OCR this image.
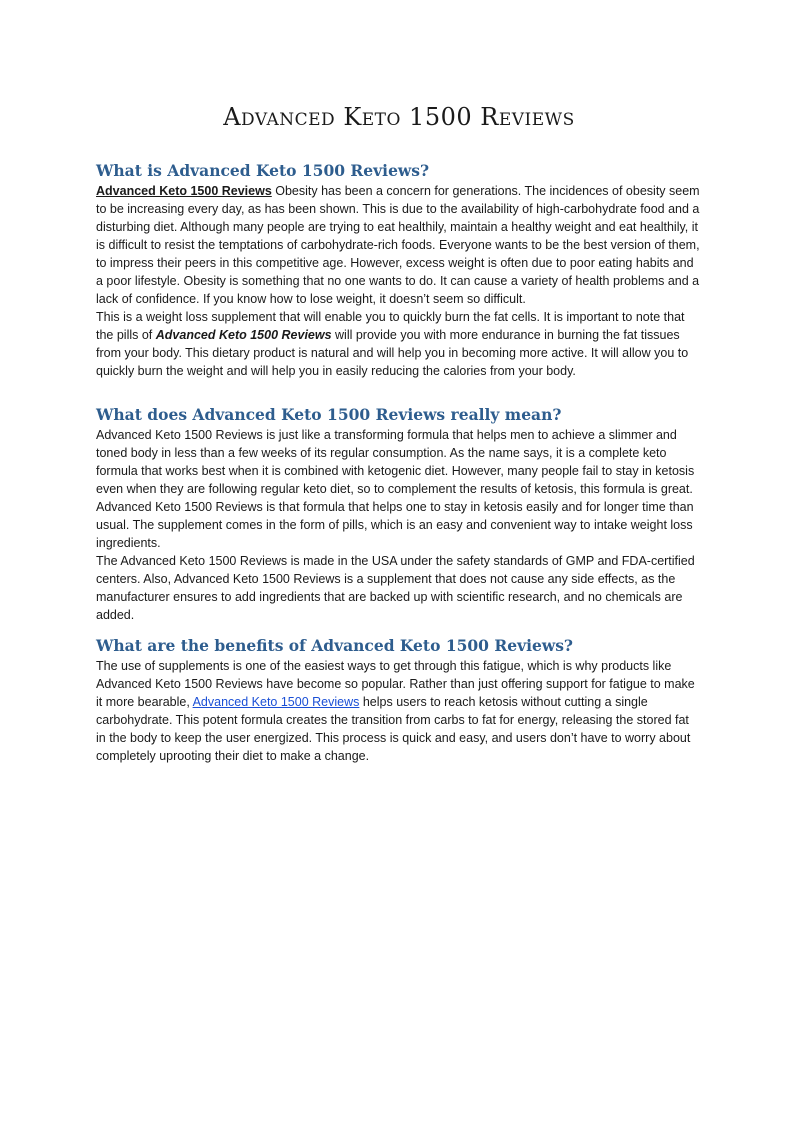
Advanced Keto 1500 Reviews
What is Advanced Keto 1500 Reviews?

Advanced Keto 1500 Reviews Obesity has been a concern for generations. The incidences of obesity seem to be increasing every day, as has been shown. This is due to the availability of high-carbohydrate food and a disturbing diet. Although many people are trying to eat healthily, maintain a healthy weight and eat healthily, it is difficult to resist the temptations of carbohydrate-rich foods. Everyone wants to be the best version of them, to impress their peers in this competitive age. However, excess weight is often due to poor eating habits and a poor lifestyle. Obesity is something that no one wants to do. It can cause a variety of health problems and a lack of confidence. If you know how to lose weight, it doesn’t seem so difficult.

This is a weight loss supplement that will enable you to quickly burn the fat cells. It is important to note that the pills of Advanced Keto 1500 Reviews will provide you with more endurance in burning the fat tissues from your body. This dietary product is natural and will help you in becoming more active. It will allow you to quickly burn the weight and will help you in easily reducing the calories from your body.

What does Advanced Keto 1500 Reviews really mean?

Advanced Keto 1500 Reviews is just like a transforming formula that helps men to achieve a slimmer and toned body in less than a few weeks of its regular consumption. As the name says, it is a complete keto formula that works best when it is combined with ketogenic diet. However, many people fail to stay in ketosis even when they are following regular keto diet, so to complement the results of ketosis, this formula is great.

Advanced Keto 1500 Reviews is that formula that helps one to stay in ketosis easily and for longer time than usual. The supplement comes in the form of pills, which is an easy and convenient way to intake weight loss ingredients.

The Advanced Keto 1500 Reviews is made in the USA under the safety standards of GMP and FDA-certified centers. Also, Advanced Keto 1500 Reviews is a supplement that does not cause any side effects, as the manufacturer ensures to add ingredients that are backed up with scientific research, and no chemicals are added.

What are the benefits of Advanced Keto 1500 Reviews?

The use of supplements is one of the easiest ways to get through this fatigue, which is why products like Advanced Keto 1500 Reviews have become so popular. Rather than just offering support for fatigue to make it more bearable, Advanced Keto 1500 Reviews helps users to reach ketosis without cutting a single carbohydrate. This potent formula creates the transition from carbs to fat for energy, releasing the stored fat in the body to keep the user energized. This process is quick and easy, and users don’t have to worry about completely uprooting their diet to make a change.
